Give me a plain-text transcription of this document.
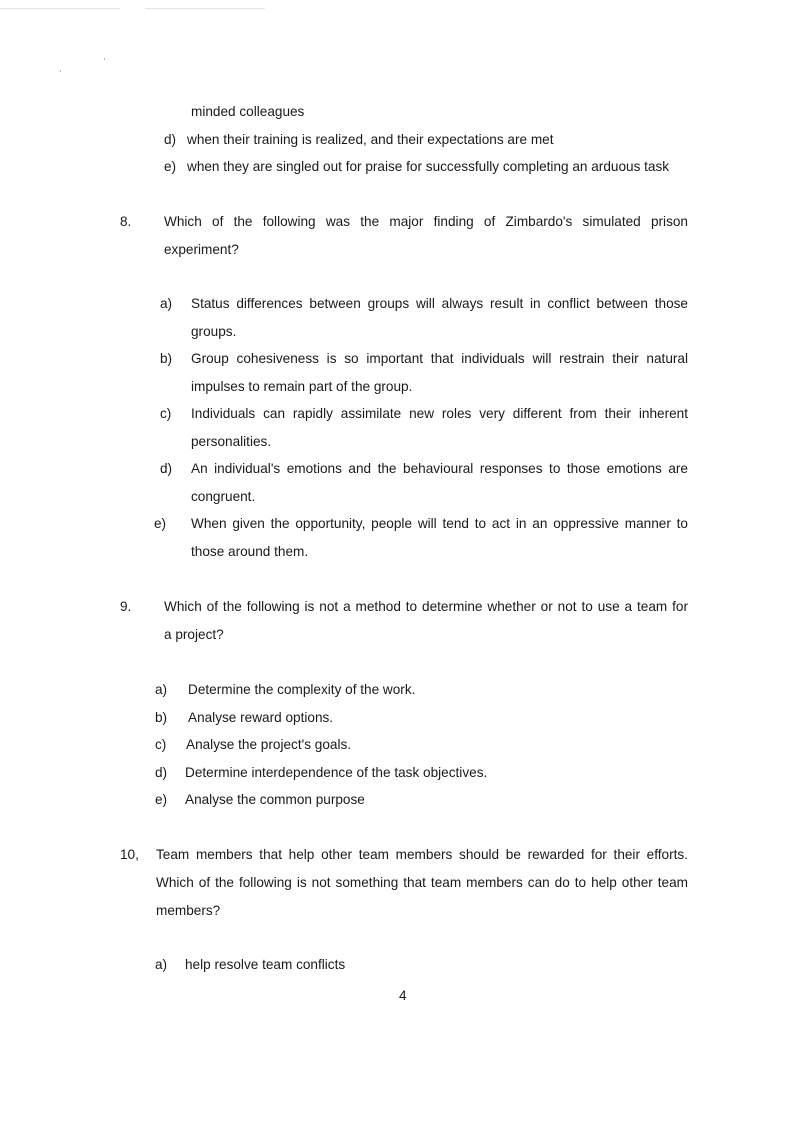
minded colleagues
d) when their training is realized, and their expectations are met
e) when they are singled out for praise for successfully completing an arduous task
8. Which of the following was the major finding of Zimbardo's simulated prison
experiment?
a) Status differences between groups will always result in conflict between those
groups.
b) Group cohesiveness is so important that individuals will restrain their natural
impulses to remain part of the group.
c) Individuals can rapidly assimilate new roles very different from their inherent
personalities.
d) An individual's emotions and the behavioural responses to those emotions are
congruent.
e) When given the opportunity, people will tend to act in an oppressive manner to
those around them.
9. Which of the following is not a method to determine whether or not to use a team for
a project?
a) Determine the complexity of the work.
b) Analyse reward options.
c) Analyse the project's goals.
d) Determine interdependence of the task objectives.
e) Analyse the common purpose
10, Team members that help other team members should be rewarded for their efforts.
Which of the following is not something that team members can do to help other team
members?
a) help resolve team conflicts
4
